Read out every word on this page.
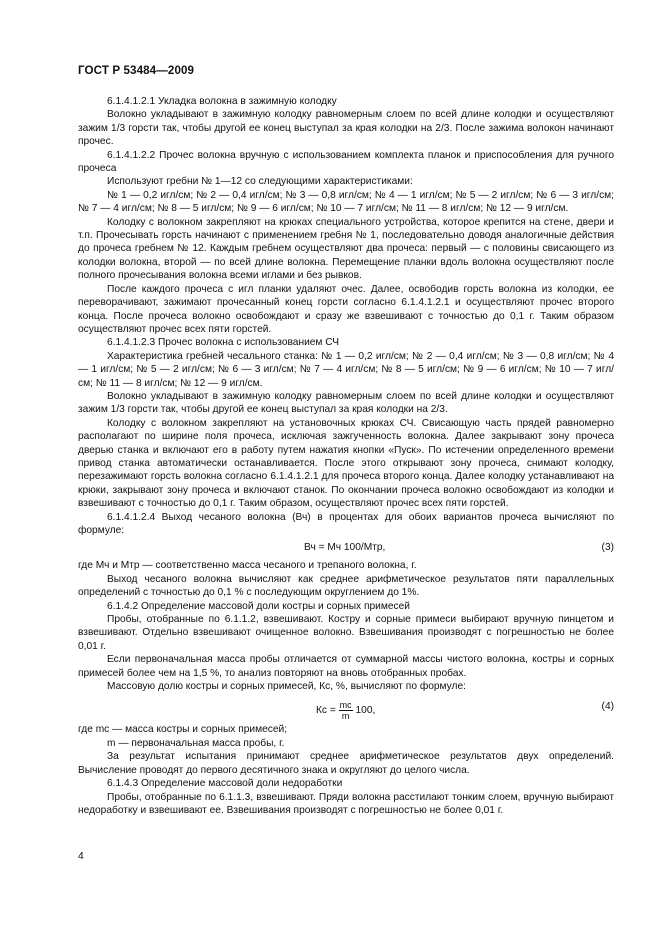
ГОСТ Р 53484—2009

6.1.4.1.2.1 Укладка волокна в зажимную колодку

Волокно укладывают в зажимную колодку равномерным слоем по всей длине колодки и осуществляют зажим 1/3 горсти так, чтобы другой ее конец выступал за края колодки на 2/3. После зажима волокон начинают прочес.

6.1.4.1.2.2 Прочес волокна вручную с использованием комплекта планок и приспособления для ручного прочеса

Используют гребни № 1—12 со следующими характеристиками:

№ 1 — 0,2 игл/см; № 2 — 0,4 игл/см; № 3 — 0,8 игл/см; № 4 — 1 игл/см; № 5 — 2 игл/см; № 6 — 3 игл/см; № 7 — 4 игл/см; № 8 — 5 игл/см; № 9 — 6 игл/см; № 10 — 7 игл/см; № 11 — 8 игл/см; № 12 — 9 игл/см.

Колодку с волокном закрепляют на крюках специального устройства, которое крепится на стене, двери и т.п. Прочесывать горсть начинают с применением гребня № 1, последовательно доводя аналогичные действия до прочеса гребнем № 12. Каждым гребнем осуществляют два прочеса: первый — с половины свисающего из колодки волокна, второй — по всей длине волокна. Перемещение планки вдоль волокна осуществляют после полного прочесывания волокна всеми иглами и без рывков.

После каждого прочеса с игл планки удаляют очес. Далее, освободив горсть волокна из колодки, ее переворачивают, зажимают прочесанный конец горсти согласно 6.1.4.1.2.1 и осуществляют прочес второго конца. После прочеса волокно освобождают и сразу же взвешивают с точностью до 0,1 г. Таким образом осуществляют прочес всех пяти горстей.

6.1.4.1.2.3 Прочес волокна с использованием СЧ

Характеристика гребней чесального станка: № 1 — 0,2 игл/см; № 2 — 0,4 игл/см; № 3 — 0,8 игл/см; № 4 — 1 игл/см; № 5 — 2 игл/см; № 6 — 3 игл/см; № 7 — 4 игл/см; № 8 — 5 игл/см; № 9 — 6 игл/см; № 10 — 7 игл/см; № 11 — 8 игл/см; № 12 — 9 игл/см.

Волокно укладывают в зажимную колодку равномерным слоем по всей длине колодки и осуществляют зажим 1/3 горсти так, чтобы другой ее конец выступал за края колодки на 2/3.

Колодку с волокном закрепляют на установочных крюках СЧ. Свисающую часть прядей равномерно располагают по ширине поля прочеса, исключая зажгученность волокна. Далее закрывают зону прочеса дверью станка и включают его в работу путем нажатия кнопки «Пуск». По истечении определенного времени привод станка автоматически останавливается. После этого открывают зону прочеса, снимают колодку, перезажимают горсть волокна согласно 6.1.4.1.2.1 для прочеса второго конца. Далее колодку устанавливают на крюки, закрывают зону прочеса и включают станок. По окончании прочеса волокно освобождают из колодки и взвешивают с точностью до 0,1 г. Таким образом, осуществляют прочес всех пяти горстей.

6.1.4.1.2.4 Выход чесаного волокна (Вч) в процентах для обоих вариантов прочеса вычисляют по формуле:

Вч = Мч 100/Мтр,	(3)

где Мч и Мтр — соответственно масса чесаного и трепаного волокна, г.

Выход чесаного волокна вычисляют как среднее арифметическое результатов пяти параллельных определений с точностью до 0,1 % с последующим округлением до 1%.

6.1.4.2 Определение массовой доли костры и сорных примесей

Пробы, отобранные по 6.1.1.2, взвешивают. Костру и сорные примеси выбирают вручную пинцетом и взвешивают. Отдельно взвешивают очищенное волокно. Взвешивания производят с погрешностью не более 0,01 г.

Если первоначальная масса пробы отличается от суммарной массы чистого волокна, костры и сорных примесей более чем на 1,5 %, то анализ повторяют на вновь отобранных пробах.

Массовую долю костры и сорных примесей, Кс, %, вычисляют по формуле:

Кс = $\frac{mс}{m} 100$,	(4)

где mс — масса костры и сорных примесей;

m — первоначальная масса пробы, г.

За результат испытания принимают среднее арифметическое результатов двух определений. Вычисление проводят до первого десятичного знака и округляют до целого числа.

6.1.4.3 Определение массовой доли недоработки

Пробы, отобранные по 6.1.1.3, взвешивают. Пряди волокна расстилают тонким слоем, вручную выбирают недоработку и взвешивают ее. Взвешивания производят с погрешностью не более 0,01 г.

4
